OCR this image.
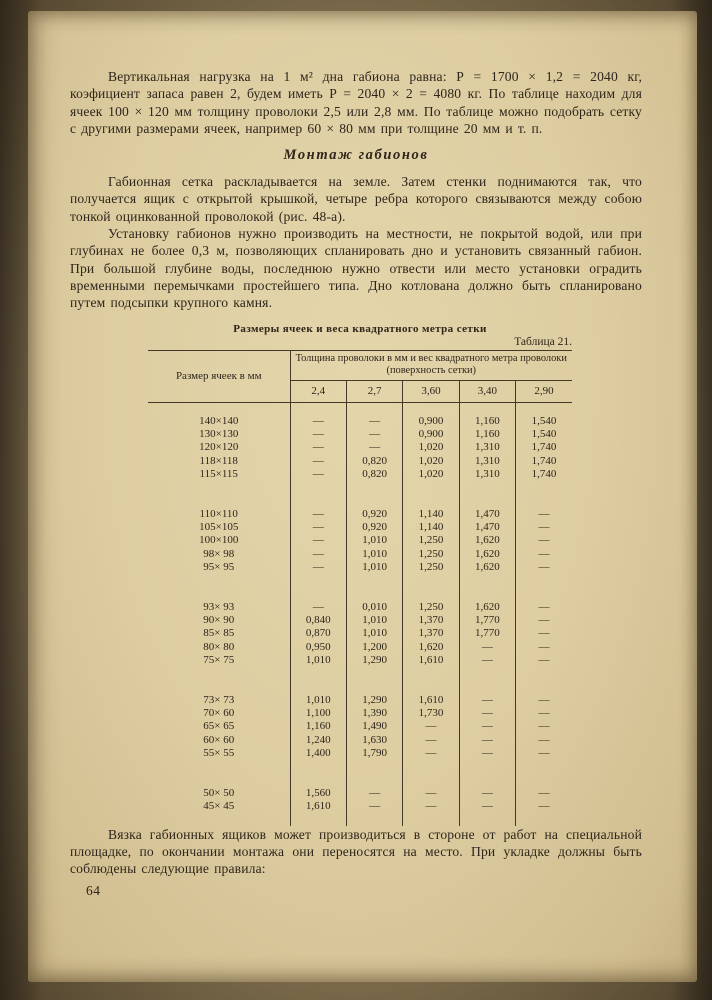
Вертикальная нагрузка на 1 м² дна габиона равна: Р = 1700 × 1,2 = 2040 кг, коэфициент запаса равен 2, будем иметь Р = 2040 × 2 = 4080 кг. По таблице находим для ячеек 100 × 120 мм толщину проволоки 2,5 или 2,8 мм. По таблице можно подобрать сетку с другими размерами ячеек, например 60 × 80 мм при толщине 20 мм и т. п.

Монтаж габионов

Габионная сетка раскладывается на земле. Затем стенки поднимаются так, что получается ящик с открытой крышкой, четыре ребра которого связываются между собою тонкой оцинкованной проволокой (рис. 48-а).

Установку габионов нужно производить на местности, не покрытой водой, или при глубинах не более 0,3 м, позволяющих спланировать дно и установить связанный габион. При большой глубине воды, последнюю нужно отвести или место установки оградить временными перемычками простейшего типа. Дно котлована должно быть спланировано путем подсыпки крупного камня.

Размеры ячеек и веса квадратного метра сетки
Таблица 21.
Размер ячеек в мм	Толщина проволоки в мм и вес квадратного метра проволоки (поверхность сетки)				
	2,4	2,7	3,60	3,40	2,90

140×140	—	—	0,900	1,160	1,540
130×130	—	—	0,900	1,160	1,540
120×120	—	—	1,020	1,310	1,740
118×118	—	0,820	1,020	1,310	1,740
115×115	—	0,820	1,020	1,310	1,740

110×110	—	0,920	1,140	1,470	—
105×105	—	0,920	1,140	1,470	—
100×100	—	1,010	1,250	1,620	—
98× 98	—	1,010	1,250	1,620	—
95× 95	—	1,010	1,250	1,620	—

93× 93	—	0,010	1,250	1,620	—
90× 90	0,840	1,010	1,370	1,770	—
85× 85	0,870	1,010	1,370	1,770	—
80× 80	0,950	1,200	1,620	—	—
75× 75	1,010	1,290	1,610	—	—

73× 73	1,010	1,290	1,610	—	—
70× 60	1,100	1,390	1,730	—	—
65× 65	1,160	1,490	—	—	—
60× 60	1,240	1,630	—	—	—
55× 55	1,400	1,790	—	—	—

50× 50	1,560	—	—	—	—
45× 45	1,610	—	—	—	—

Вязка габионных ящиков может производиться в стороне от работ на специальной площадке, по окончании монтажа они переносятся на место. При укладке должны быть соблюдены следующие правила:

64
